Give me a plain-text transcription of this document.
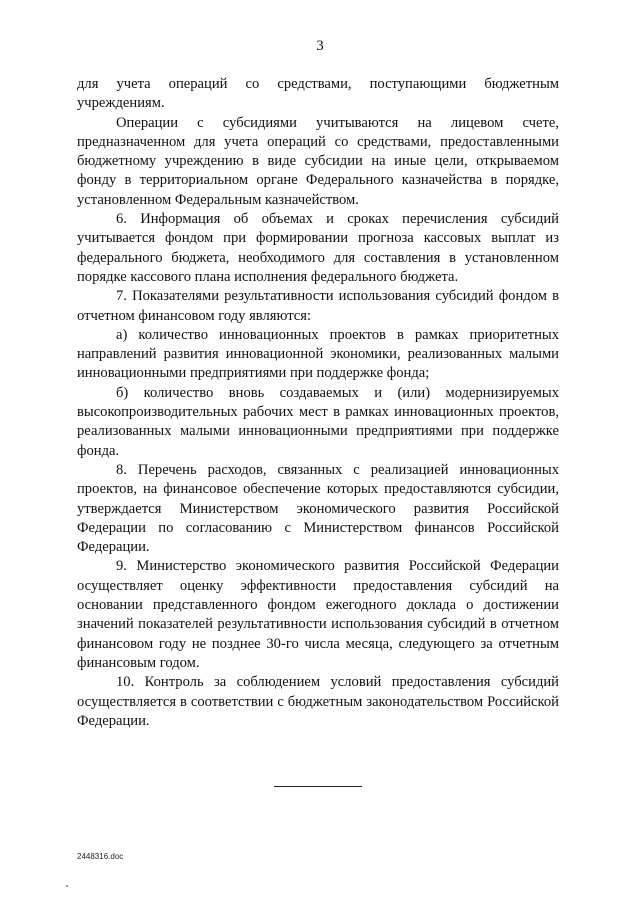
3

для учета операций со средствами, поступающими бюджетным учреждениям.

Операции с субсидиями учитываются на лицевом счете, предназначенном для учета операций со средствами, предоставленными бюджетному учреждению в виде субсидии на иные цели, открываемом фонду в территориальном органе Федерального казначейства в порядке, установленном Федеральным казначейством.

6. Информация об объемах и сроках перечисления субсидий учитывается фондом при формировании прогноза кассовых выплат из федерального бюджета, необходимого для составления в установленном порядке кассового плана исполнения федерального бюджета.

7. Показателями результативности использования субсидий фондом в отчетном финансовом году являются:

а) количество инновационных проектов в рамках приоритетных направлений развития инновационной экономики, реализованных малыми инновационными предприятиями при поддержке фонда;

б) количество вновь создаваемых и (или) модернизируемых высокопроизводительных рабочих мест в рамках инновационных проектов, реализованных малыми инновационными предприятиями при поддержке фонда.

8. Перечень расходов, связанных с реализацией инновационных проектов, на финансовое обеспечение которых предоставляются субсидии, утверждается Министерством экономического развития Российской Федерации по согласованию с Министерством финансов Российской Федерации.

9. Министерство экономического развития Российской Федерации осуществляет оценку эффективности предоставления субсидий на основании представленного фондом ежегодного доклада о достижении значений показателей результативности использования субсидий в отчетном финансовом году не позднее 30-го числа месяца, следующего за отчетным финансовым годом.

10. Контроль за соблюдением условий предоставления субсидий осуществляется в соответствии с бюджетным законодательством Российской Федерации.

2448316.doc
